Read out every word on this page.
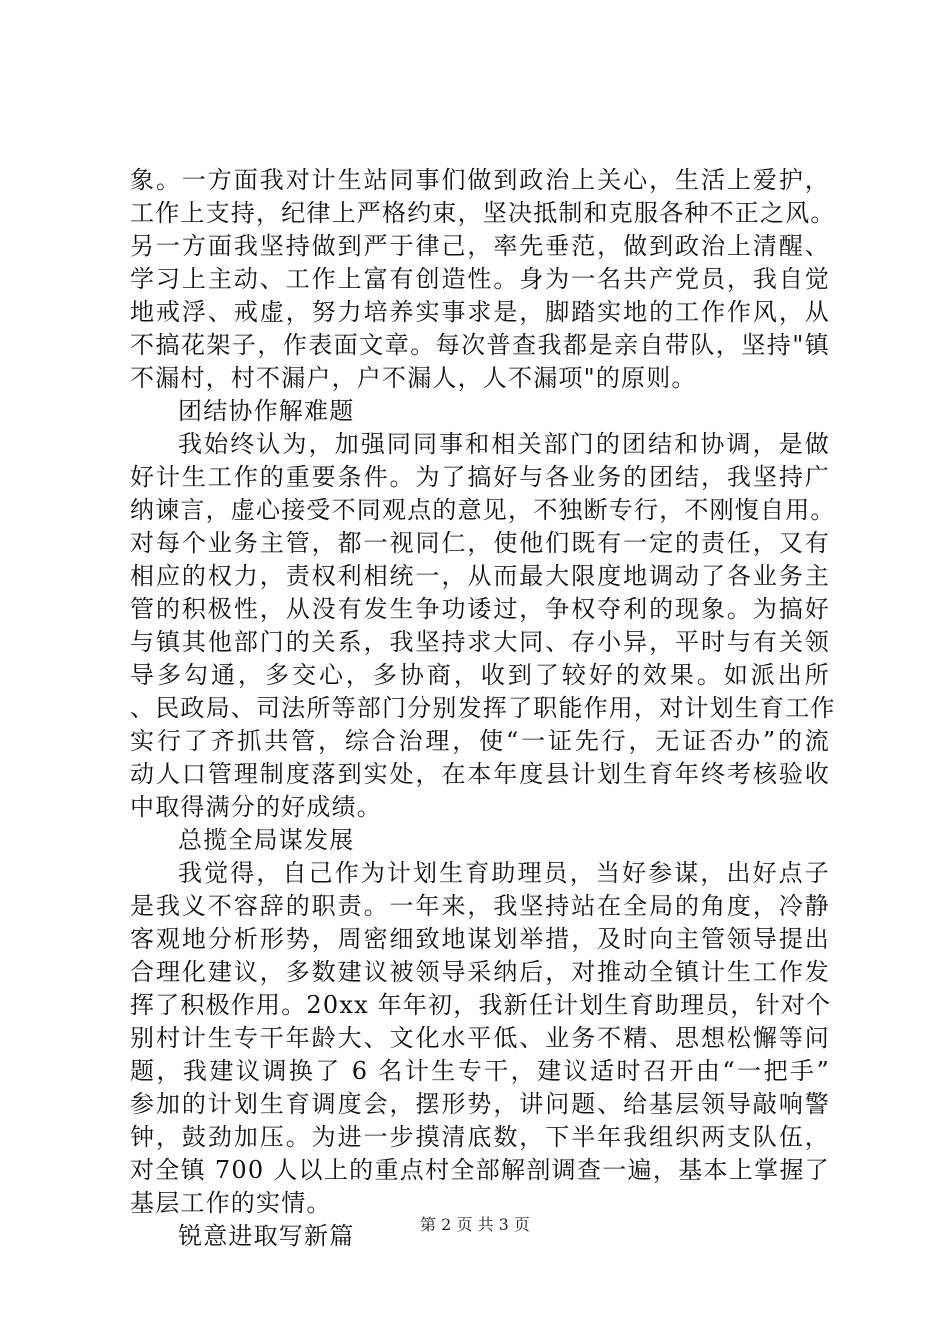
象。一方面我对计生站同事们做到政治上关心，生活上爱护，
工作上支持，纪律上严格约束，坚决抵制和克服各种不正之风。
另一方面我坚持做到严于律己，率先垂范，做到政治上清醒、
学习上主动、工作上富有创造性。身为一名共产党员，我自觉
地戒浮、戒虚，努力培养实事求是，脚踏实地的工作作风，从
不搞花架子，作表面文章。每次普查我都是亲自带队，坚持"镇
不漏村，村不漏户，户不漏人，人不漏项"的原则。
团结协作解难题
我始终认为，加强同同事和相关部门的团结和协调，是做
好计生工作的重要条件。为了搞好与各业务的团结，我坚持广
纳谏言，虚心接受不同观点的意见，不独断专行，不刚愎自用。
对每个业务主管，都一视同仁，使他们既有一定的责任，又有
相应的权力，责权利相统一，从而最大限度地调动了各业务主
管的积极性，从没有发生争功诿过，争权夺利的现象。为搞好
与镇其他部门的关系，我坚持求大同、存小异，平时与有关领
导多勾通，多交心，多协商，收到了较好的效果。如派出所
、民政局、司法所等部门分别发挥了职能作用，对计划生育工作
实行了齐抓共管，综合治理，使“一证先行，无证否办”的流
动人口管理制度落到实处，在本年度县计划生育年终考核验收
中取得满分的好成绩。
总揽全局谋发展
我觉得，自己作为计划生育助理员，当好参谋，出好点子
是我义不容辞的职责。一年来，我坚持站在全局的角度，冷静
客观地分析形势，周密细致地谋划举措，及时向主管领导提出
合理化建议，多数建议被领导采纳后，对推动全镇计生工作发
挥了积极作用。20xx 年年初，我新任计划生育助理员，针对个
别村计生专干年龄大、文化水平低、业务不精、思想松懈等问
题，我建议调换了 6 名计生专干，建议适时召开由“一把手”
参加的计划生育调度会，摆形势，讲问题、给基层领导敲响警
钟，鼓劲加压。为进一步摸清底数，下半年我组织两支队伍，
对全镇 700 人以上的重点村全部解剖调查一遍，基本上掌握了
基层工作的实情。
锐意进取写新篇	第 2 页 共 3 页
